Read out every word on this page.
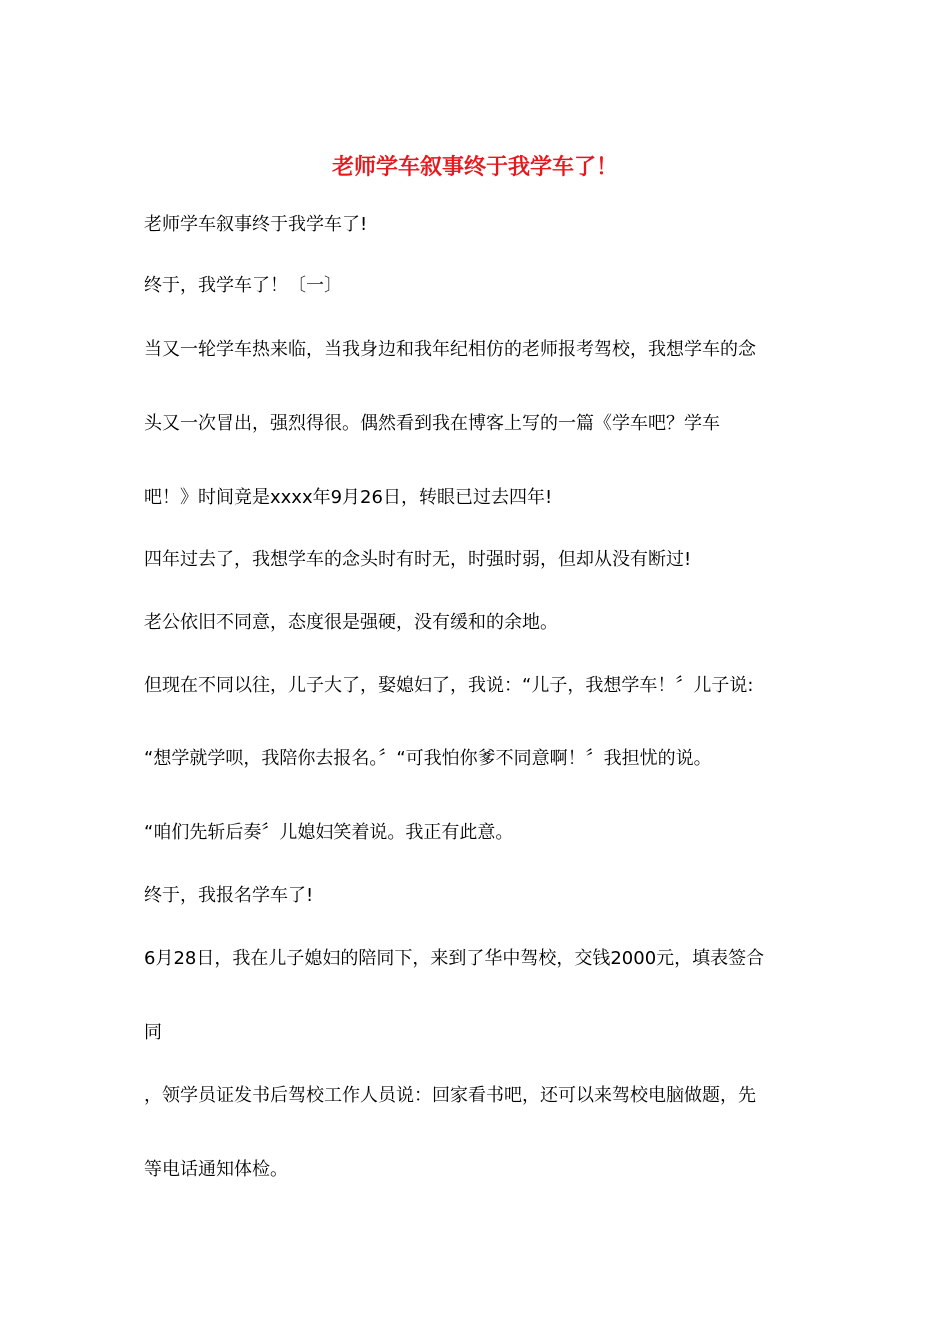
老师学车叙事终于我学车了！
老师学车叙事终于我学车了!
终于，我学车了！〔一〕
当又一轮学车热来临，当我身边和我年纪相仿的老师报考驾校，我想学车的念
头又一次冒出，强烈得很。偶然看到我在博客上写的一篇《学车吧？学车
吧！》时间竟是xxxx年9月26日，转眼已过去四年!
四年过去了，我想学车的念头时有时无，时强时弱，但却从没有断过!
老公依旧不同意，态度很是强硬，没有缓和的余地。
但现在不同以往，儿子大了，娶媳妇了，我说：“儿子，我想学车！〞儿子说:
“想学就学呗，我陪你去报名。〞“可我怕你爹不同意啊！〞我担忧的说。
“咱们先斩后奏〞儿媳妇笑着说。我正有此意。
终于，我报名学车了!
6月28日，我在儿子媳妇的陪同下，来到了华中驾校，交钱2000元，填表签合
同
，领学员证发书后驾校工作人员说：回家看书吧，还可以来驾校电脑做题，先
等电话通知体检。
